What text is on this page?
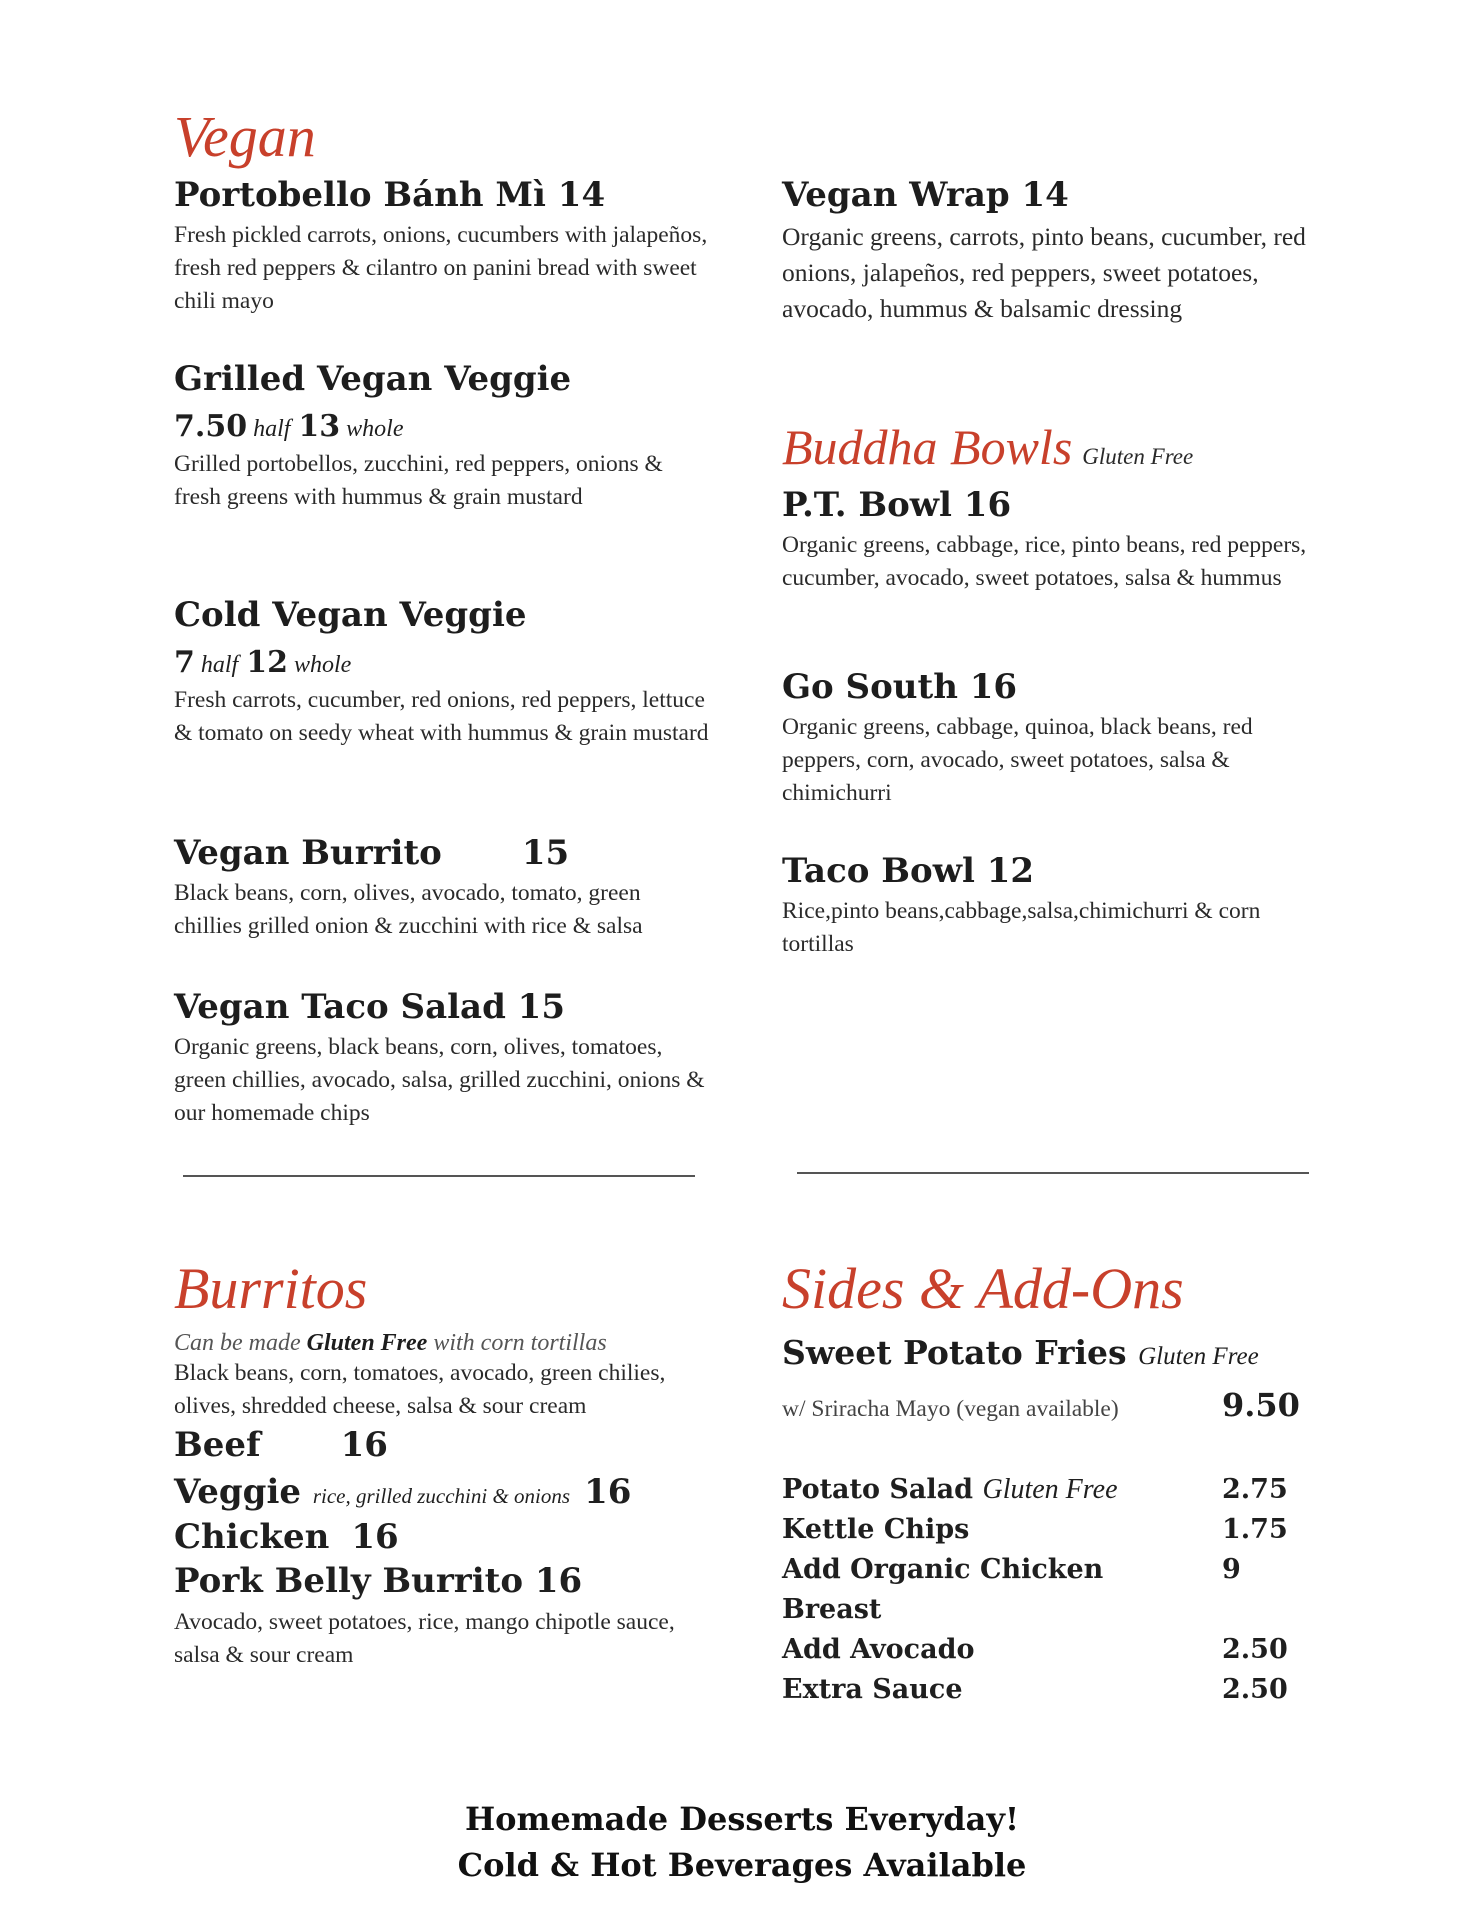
Vegan

Portobello Bánh Mì 14

Fresh pickled carrots, onions, cucumbers with jalapeños, fresh red peppers & cilantro on panini bread with sweet chili mayo

Grilled Vegan Veggie

7.50 half 13 whole

Grilled portobellos, zucchini, red peppers, onions & fresh greens with hummus & grain mustard

Cold Vegan Veggie

7 half 12 whole

Fresh carrots, cucumber, red onions, red peppers, lettuce & tomato on seedy wheat with hummus & grain mustard

Vegan Burrito 15

Black beans, corn, olives, avocado, tomato, green chillies grilled onion & zucchini with rice & salsa

Vegan Taco Salad 15

Organic greens, black beans, corn, olives, tomatoes, green chillies, avocado, salsa, grilled zucchini, onions & our homemade chips

Vegan Wrap 14

Organic greens, carrots, pinto beans, cucumber, red onions, jalapeños, red peppers, sweet potatoes, avocado, hummus & balsamic dressing

Buddha Bowls Gluten Free

P.T. Bowl 16

Organic greens, cabbage, rice, pinto beans, red peppers, cucumber, avocado, sweet potatoes, salsa & hummus

Go South 16

Organic greens, cabbage, quinoa, black beans, red peppers, corn, avocado, sweet potatoes, salsa & chimichurri

Taco Bowl 12

Rice,pinto beans,cabbage,salsa,chimichurri & corn tortillas

Burritos

Can be made Gluten Free with corn tortillas

Black beans, corn, tomatoes, avocado, green chilies, olives, shredded cheese, salsa & sour cream

Beef 16

Veggie rice, grilled zucchini & onions 16

Chicken 16

Pork Belly Burrito 16

Avocado, sweet potatoes, rice, mango chipotle sauce, salsa & sour cream

Sides & Add-Ons

Sweet Potato Fries Gluten Free

w/ Sriracha Mayo (vegan available)	9.50
Potato Salad Gluten Free	2.75
Kettle Chips	1.75
Add Organic Chicken Breast
9
Add Avocado	2.50
Extra Sauce	2.50
Homemade Desserts Everyday!
Cold & Hot Beverages Available
